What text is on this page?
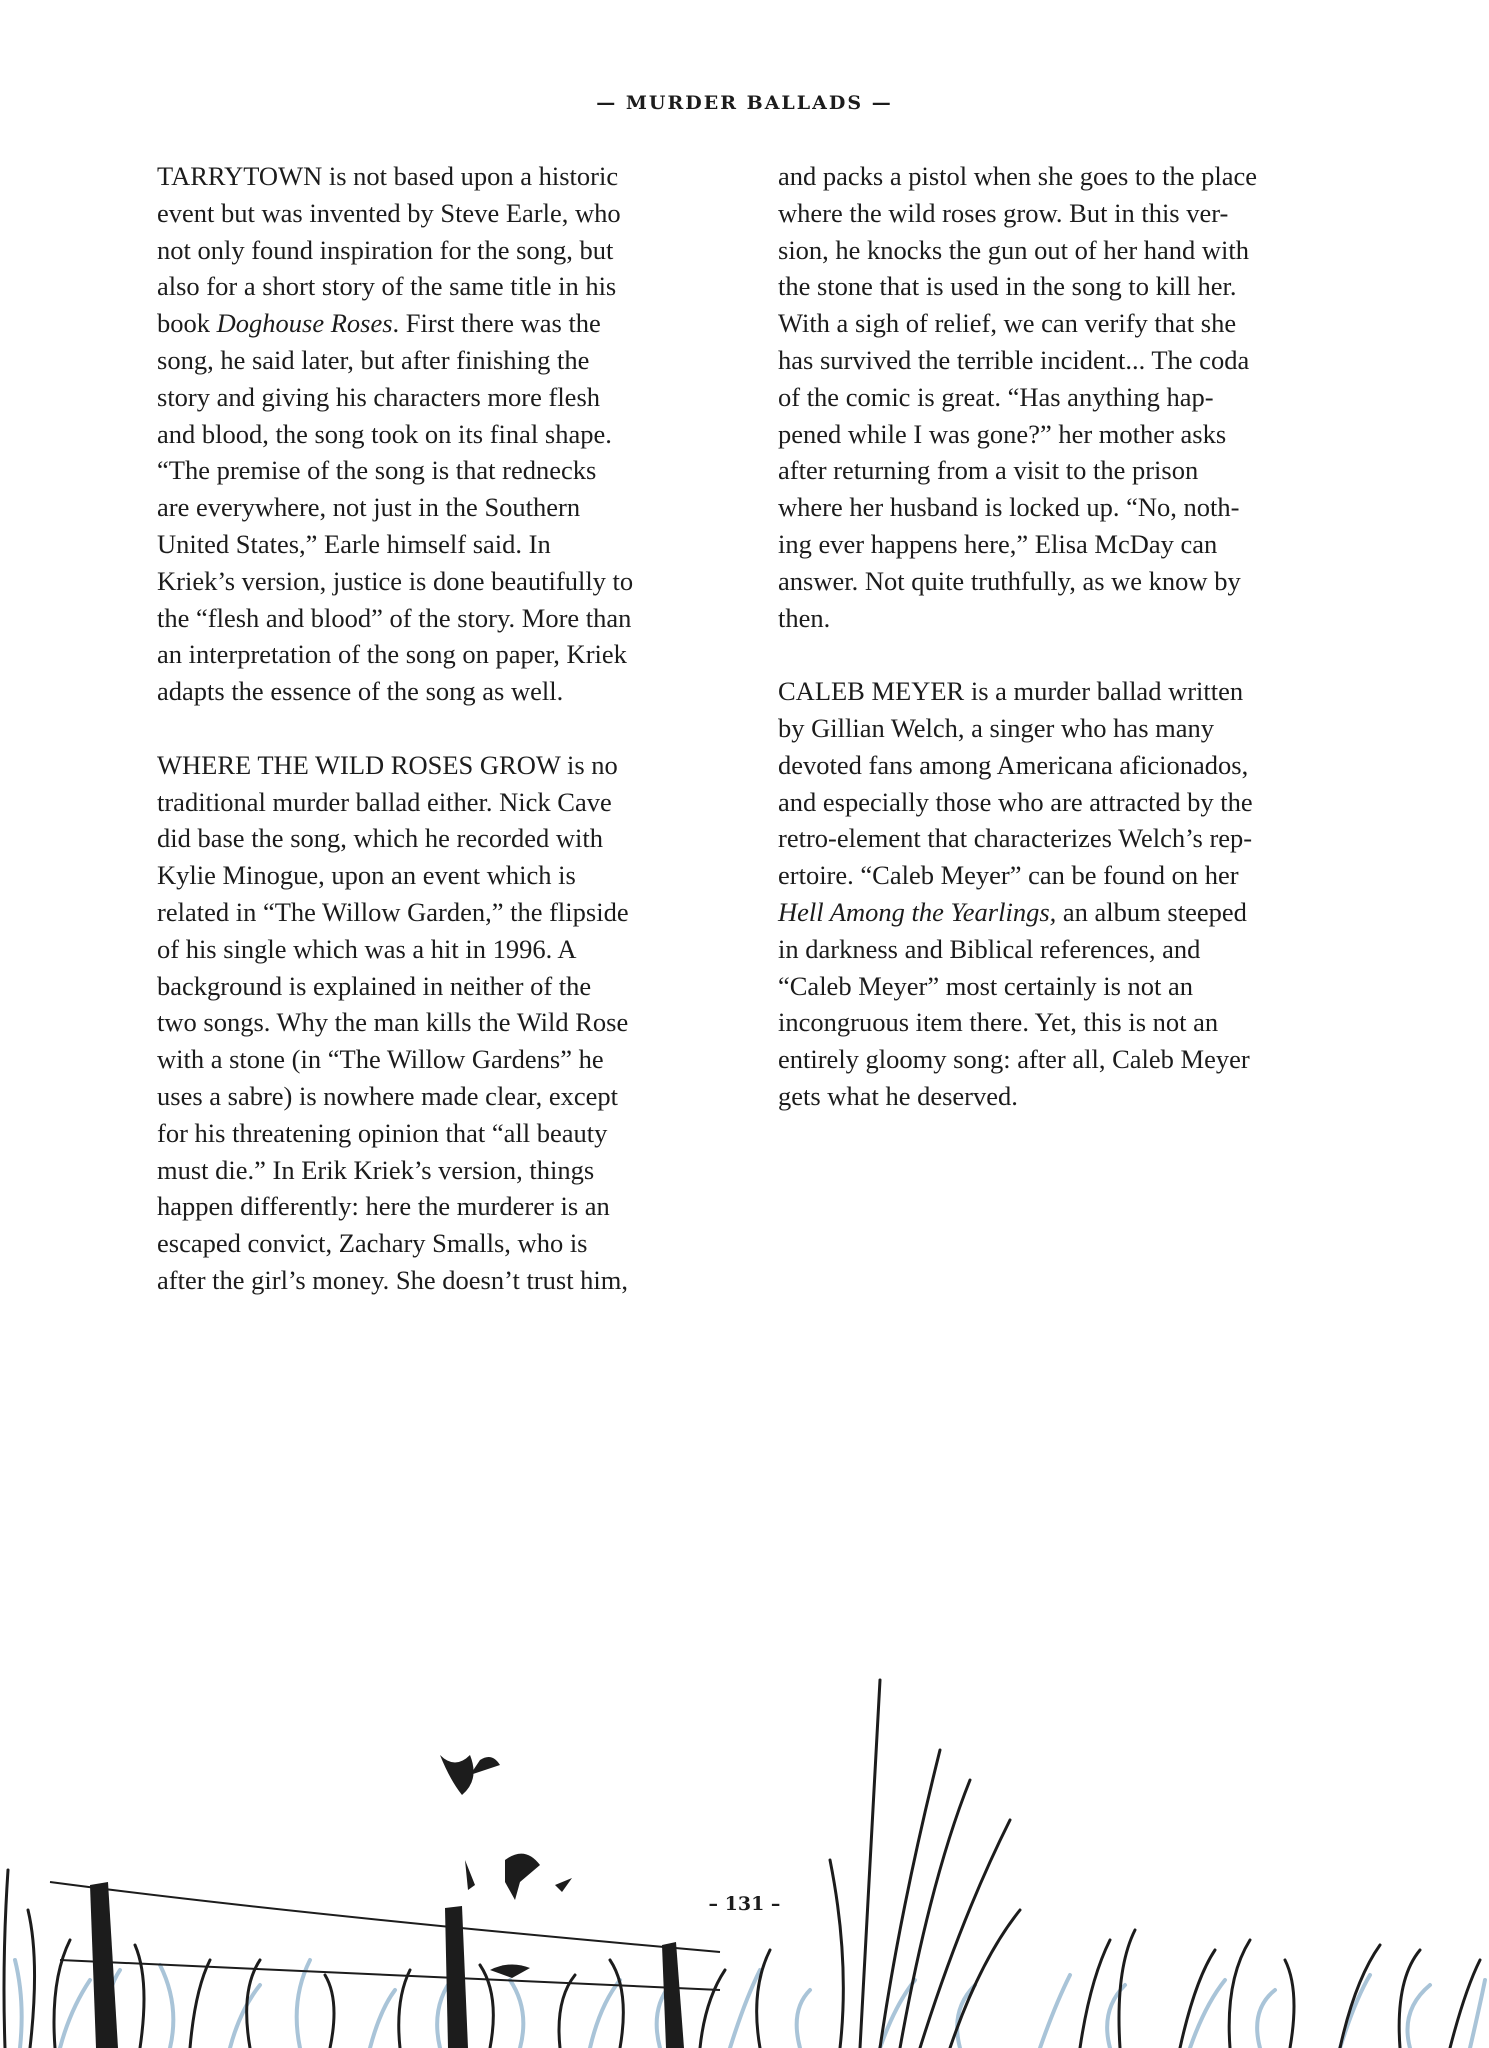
— MURDER BALLADS —

TARRYTOWN is not based upon a historic
event but was invented by Steve Earle, who
not only found inspiration for the song, but
also for a short story of the same title in his
book Doghouse Roses. First there was the
song, he said later, but after finishing the
story and giving his characters more flesh
and blood, the song took on its final shape.
“The premise of the song is that rednecks
are everywhere, not just in the Southern
United States,” Earle himself said. In
Kriek’s version, justice is done beautifully to
the “flesh and blood” of the story. More than
an interpretation of the song on paper, Kriek
adapts the essence of the song as well.

WHERE THE WILD ROSES GROW is no
traditional murder ballad either. Nick Cave
did base the song, which he recorded with
Kylie Minogue, upon an event which is
related in “The Willow Garden,” the flipside
of his single which was a hit in 1996. A
background is explained in neither of the
two songs. Why the man kills the Wild Rose
with a stone (in “The Willow Gardens” he
uses a sabre) is nowhere made clear, except
for his threatening opinion that “all beauty
must die.” In Erik Kriek’s version, things
happen differently: here the murderer is an
escaped convict, Zachary Smalls, who is
after the girl’s money. She doesn’t trust him,

and packs a pistol when she goes to the place
where the wild roses grow. But in this ver-
sion, he knocks the gun out of her hand with
the stone that is used in the song to kill her.
With a sigh of relief, we can verify that she
has survived the terrible incident... The coda
of the comic is great. “Has anything hap-
pened while I was gone?” her mother asks
after returning from a visit to the prison
where her husband is locked up. “No, noth-
ing ever happens here,” Elisa McDay can
answer. Not quite truthfully, as we know by
then.

CALEB MEYER is a murder ballad written
by Gillian Welch, a singer who has many
devoted fans among Americana aficionados,
and especially those who are attracted by the
retro-element that characterizes Welch’s rep-
ertoire. “Caleb Meyer” can be found on her
Hell Among the Yearlings, an album steeped
in darkness and Biblical references, and
“Caleb Meyer” most certainly is not an
incongruous item there. Yet, this is not an
entirely gloomy song: after all, Caleb Meyer
gets what he deserved.

– 131 –
